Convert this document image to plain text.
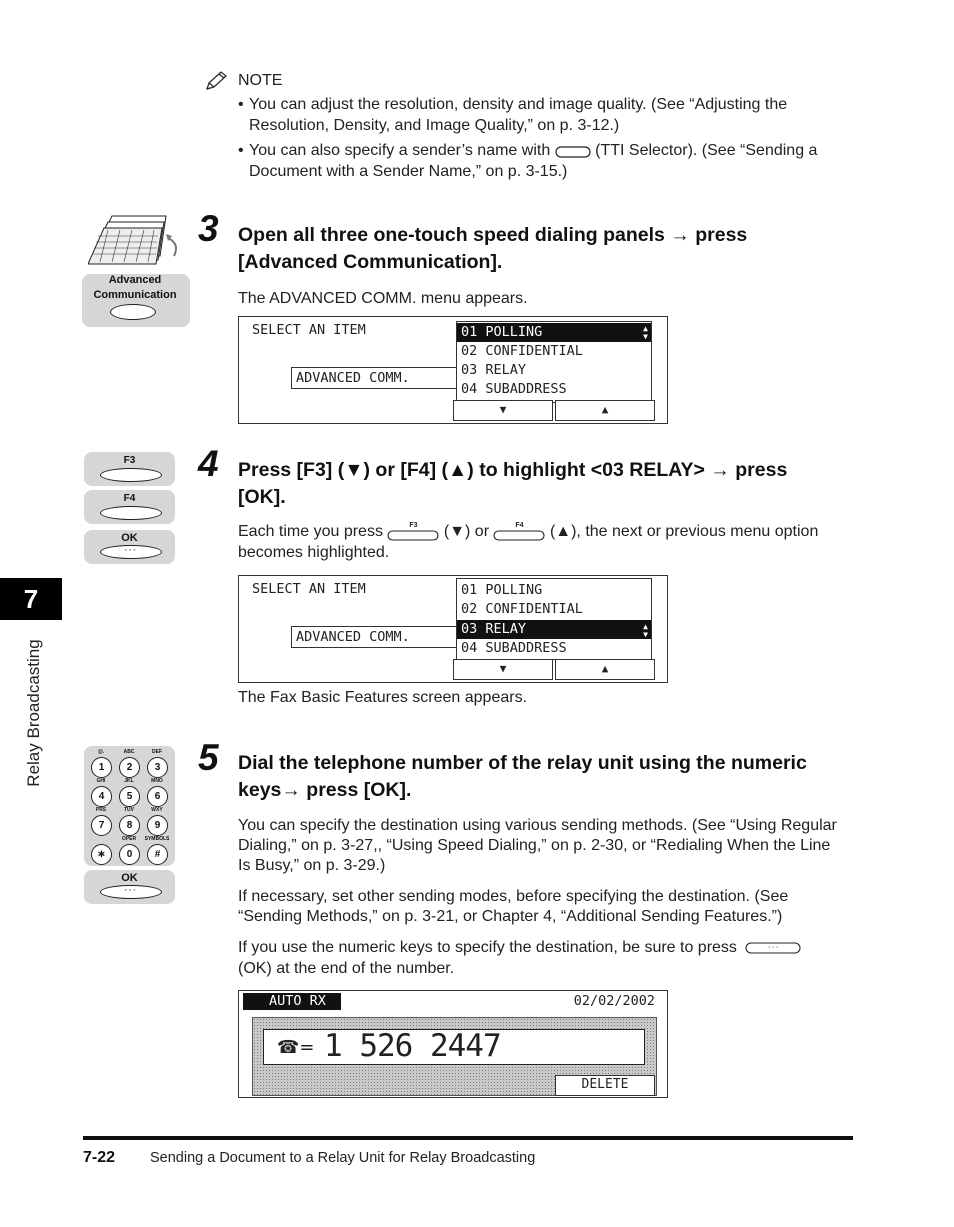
NOTE
• You can adjust the resolution, density and image quality. (See “Adjusting the Resolution, Density, and Image Quality,” on p. 3-12.)
• You can also specify a sender’s name with	(TTI Selector). (See “Sending a Document with a Sender Name,” on p. 3-15.)
Advanced
Communication
3 Open all three one-touch speed dialing panels → press
[Advanced Communication].
The ADVANCED COMM. menu appears.
SELECT AN ITEM
ADVANCED COMM.
01 POLLING
02 CONFIDENTIAL
03 RELAY
04 SUBADDRESS
▲
▼
▼	▲
F3
F4
OK
◦ ◦ ◦
4 Press [F3] (▼) or [F4] (▲) to highlight <03 RELAY> → press
[OK].
Each time you press	F3	(▼) or	F4	(▲), the next or previous menu option
becomes highlighted.
SELECT AN ITEM
ADVANCED COMM.
01 POLLING
02 CONFIDENTIAL
03 RELAY
04 SUBADDRESS
▲
▼
▼	▲
The Fax Basic Features screen appears.
1
@.
2
ABC
3
DEF
4
GHI
5
JKL
6
MNO
7
PRS
8
TUV
9
WXY
∗	0
OPER
#
SYMBOLS
OK
◦ ◦ ◦
5 Dial the telephone number of the relay unit using the numeric
keys→ press [OK].
You can specify the destination using various sending methods. (See “Using Regular Dialing,” on p. 3-27,, “Using Speed Dialing,” on p. 2-30, or “Redialing When the Line Is Busy,” on p. 3-29.)
If necessary, set other sending modes, before specifying the destination. (See “Sending Methods,” on p. 3-21, or Chapter 4, “Additional Sending Features.”)
If you use the numeric keys to specify the destination, be sure to press	◦ ◦ ◦
(OK) at the end of the number.
AUTO RX	02/02/2002
☎= 1 526 2447
DELETE
7
Relay Broadcasting
7-22 Sending a Document to a Relay Unit for Relay Broadcasting
